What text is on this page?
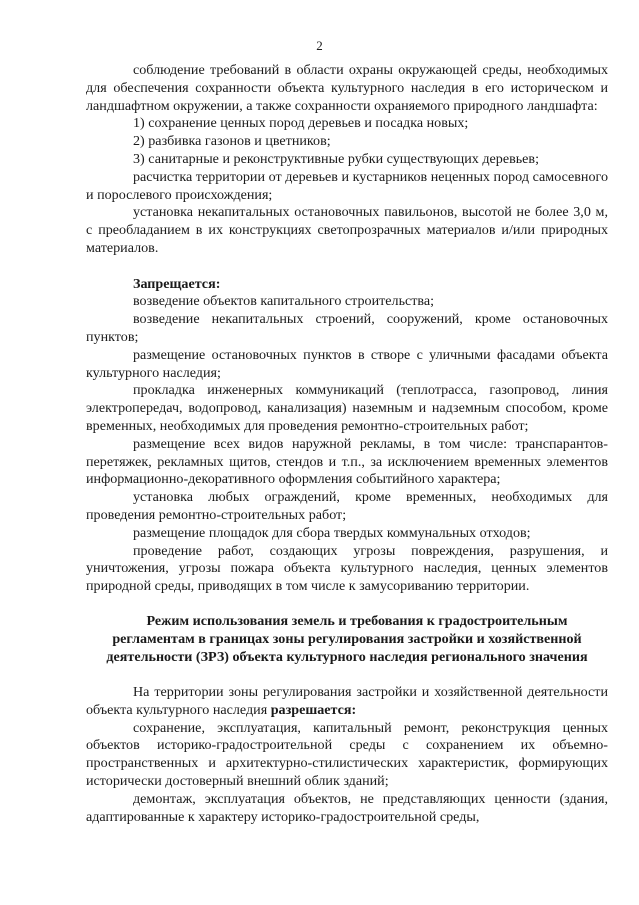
2

соблюдение требований в области охраны окружающей среды, необходимых для обеспечения сохранности объекта культурного наследия в его историческом и ландшафтном окружении, а также сохранности охраняемого природного ландшафта:

1) сохранение ценных пород деревьев и посадка новых;

2) разбивка газонов и цветников;

3) санитарные и реконструктивные рубки существующих деревьев;

расчистка территории от деревьев и кустарников неценных пород самосевного и порослевого происхождения;

установка некапитальных остановочных павильонов, высотой не более 3,0 м, с преобладанием в их конструкциях светопрозрачных материалов и/или природных материалов.

Запрещается:

возведение объектов капитального строительства;

возведение некапитальных строений, сооружений, кроме остановочных пунктов;

размещение остановочных пунктов в створе с уличными фасадами объекта культурного наследия;

прокладка инженерных коммуникаций (теплотрасса, газопровод, линия электропередач, водопровод, канализация) наземным и надземным способом, кроме временных, необходимых для проведения ремонтно-строительных работ;

размещение всех видов наружной рекламы, в том числе: транспарантов-перетяжек, рекламных щитов, стендов и т.п., за исключением временных элементов информационно-декоративного оформления событийного характера;

установка любых ограждений, кроме временных, необходимых для проведения ремонтно-строительных работ;

размещение площадок для сбора твердых коммунальных отходов;

проведение работ, создающих угрозы повреждения, разрушения, и уничтожения, угрозы пожара объекта культурного наследия, ценных элементов природной среды, приводящих в том числе к замусориванию территории.

Режим использования земель и требования к градостроительным
регламентам в границах зоны регулирования застройки и хозяйственной
деятельности (ЗРЗ) объекта культурного наследия регионального значения

На территории зоны регулирования застройки и хозяйственной деятельности объекта культурного наследия разрешается:

сохранение, эксплуатация, капитальный ремонт, реконструкция ценных объектов историко-градостроительной среды с сохранением их объемно-пространственных и архитектурно-стилистических характеристик, формирующих исторически достоверный внешний облик зданий;

демонтаж, эксплуатация объектов, не представляющих ценности (здания, адаптированные к характеру историко-градостроительной среды,
